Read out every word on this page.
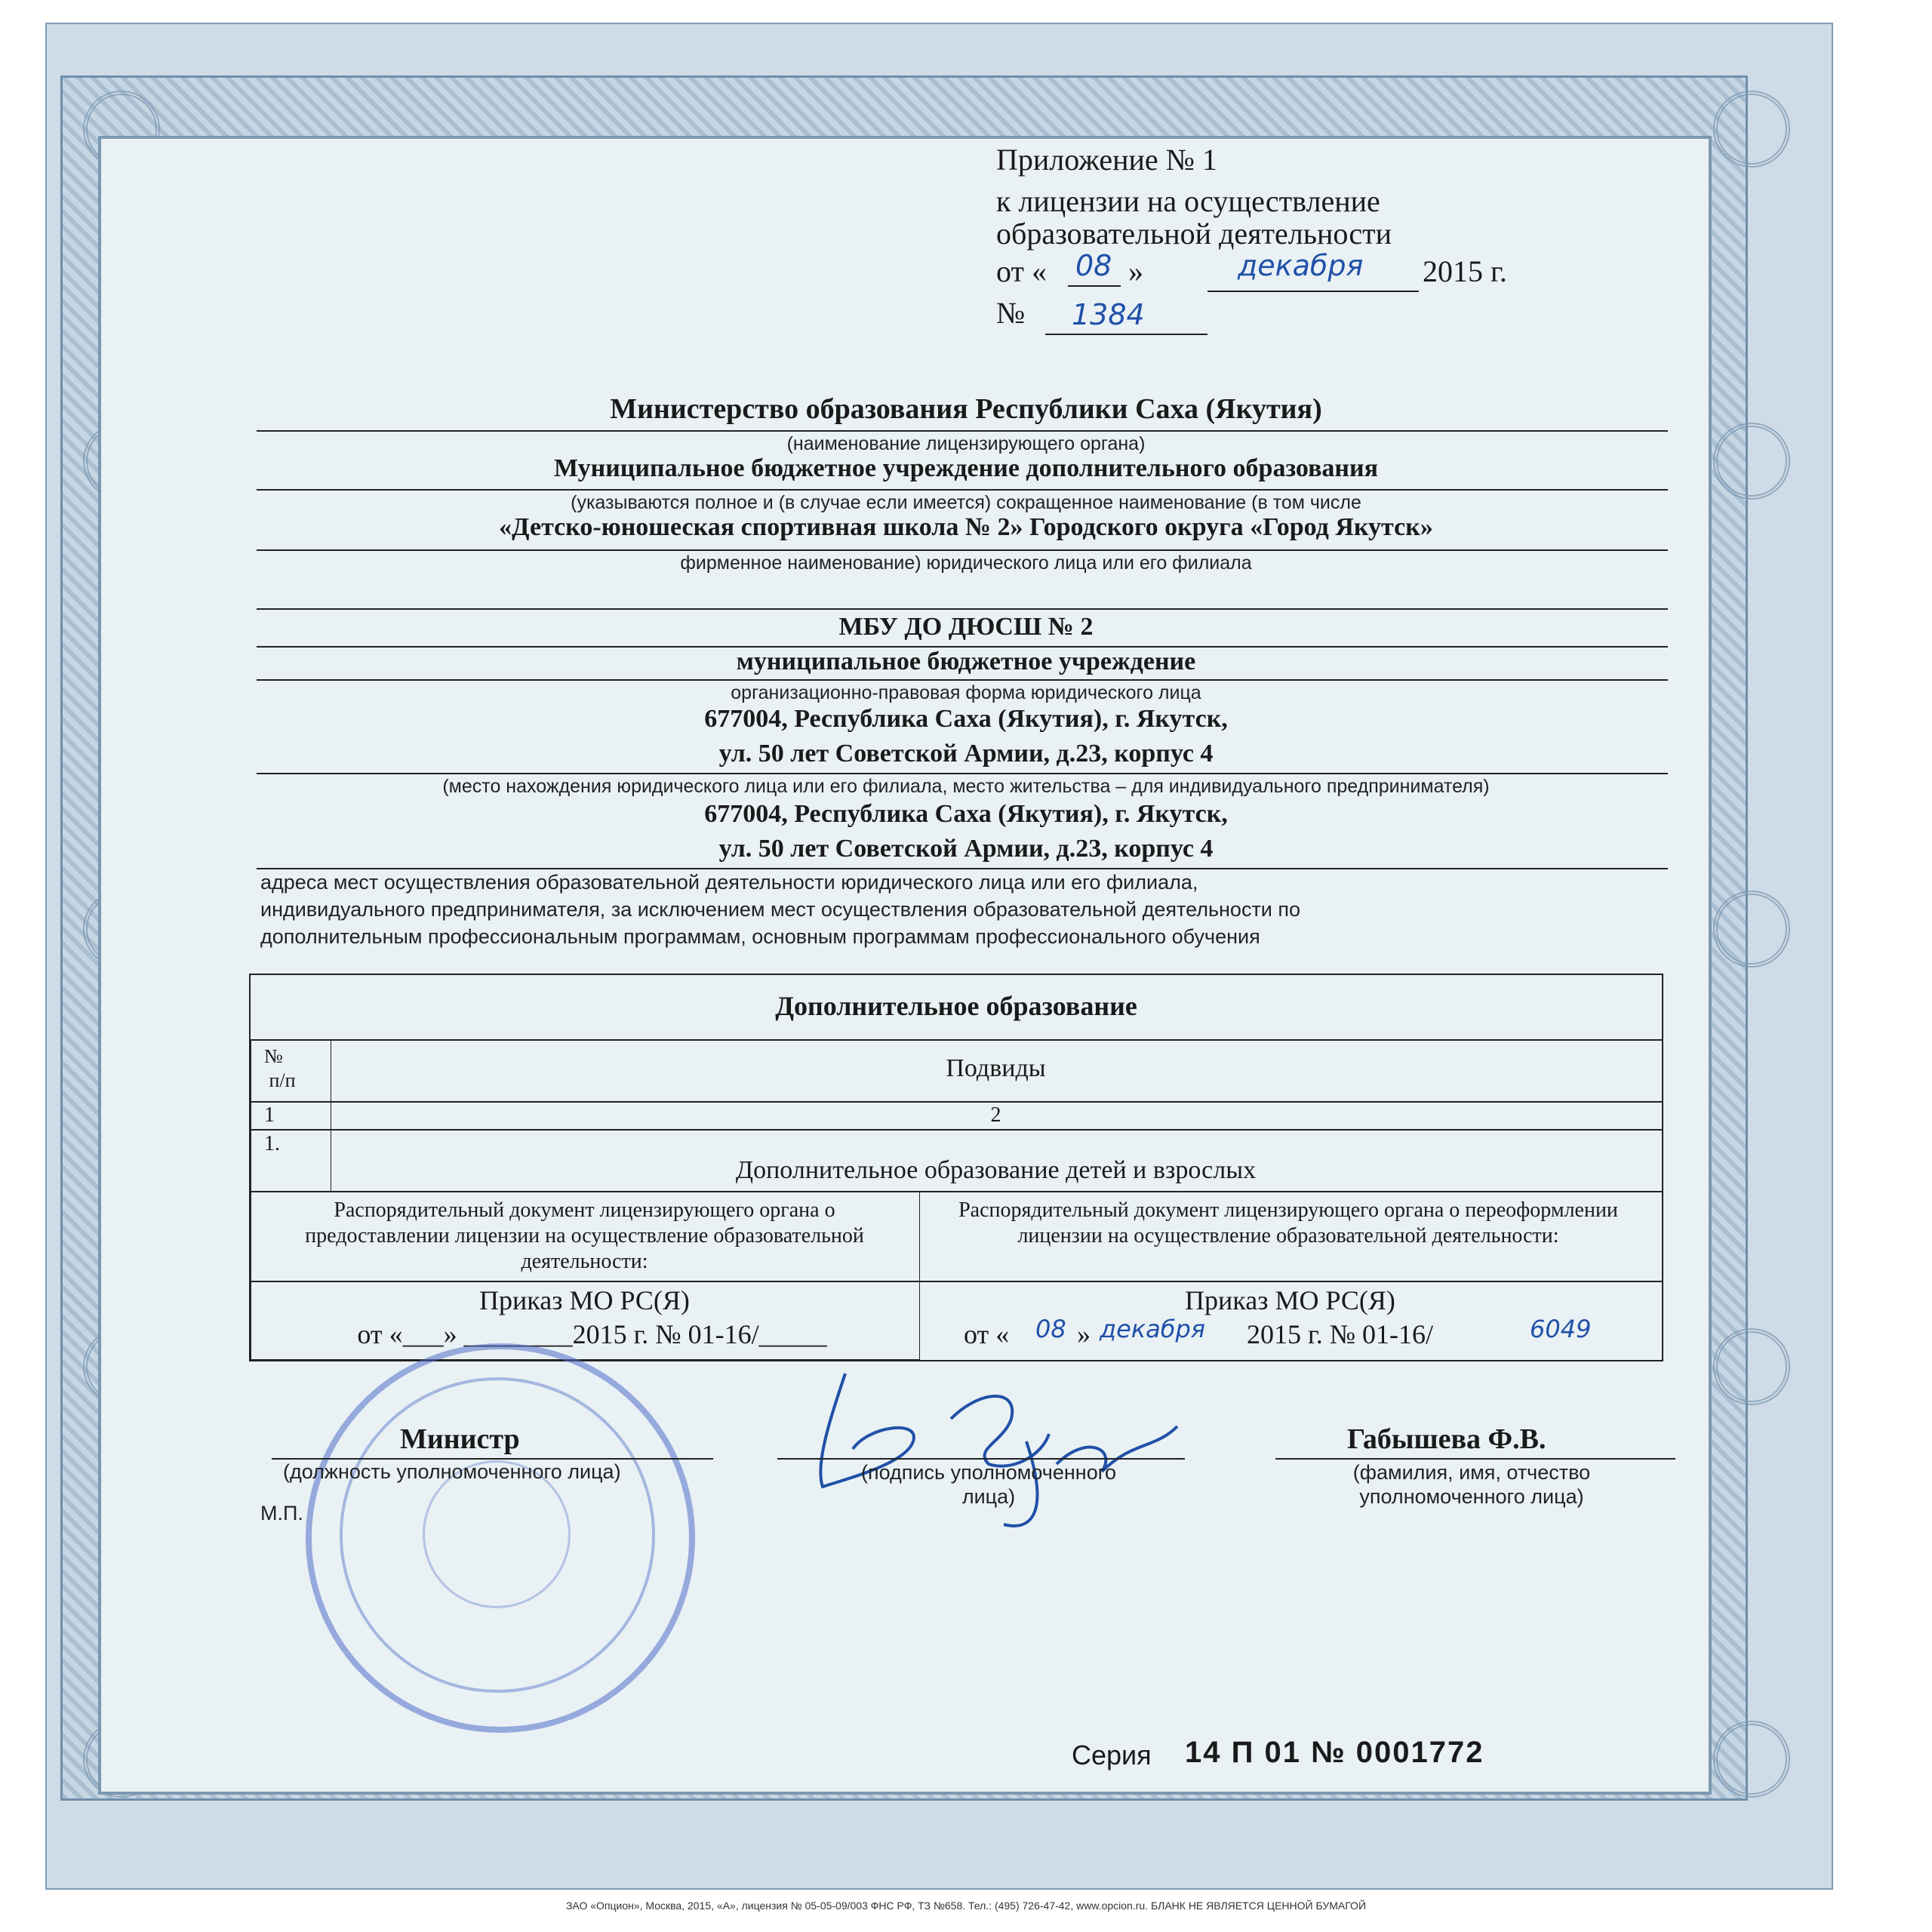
Приложение № 1
к лицензии на осуществление
образовательной деятельности
от « 08 »	декабря 2015 г.
№ 1384
Министерство образования Республики Саха (Якутия)
(наименование лицензирующего органа)
Муниципальное бюджетное учреждение дополнительного образования
(указываются полное и (в случае если имеется) сокращенное наименование (в том числе
«Детско-юношеская спортивная школа № 2» Городского округа «Город Якутск»
фирменное наименование) юридического лица или его филиала
МБУ ДО ДЮСШ № 2
муниципальное бюджетное учреждение
организационно-правовая форма юридического лица
677004, Республика Саха (Якутия), г. Якутск,
ул. 50 лет Советской Армии, д.23, корпус 4
(место нахождения юридического лица или его филиала, место жительства – для индивидуального предпринимателя)
677004, Республика Саха (Якутия), г. Якутск,
ул. 50 лет Советской Армии, д.23, корпус 4
адреса мест осуществления образовательной деятельности юридического лица или его филиала,
индивидуального предпринимателя, за исключением мест осуществления образовательной деятельности по
дополнительным профессиональным программам, основным программам профессионального обучения
Дополнительное образование
№
п/п	Подвиды
1	2
1.
Дополнительное образование детей и взрослых
Распорядительный документ лицензирующего органа о предоставлении лицензии на осуществление образовательной деятельности:
Распорядительный документ лицензирующего органа о переоформлении лицензии на осуществление образовательной деятельности:
Приказ МО РС(Я)
от «___» ________2015 г. № 01-16/_____
Приказ МО РС(Я)
от « 08 » декабря 2015 г. № 01-16/	6049
Министр
(должность уполномоченного лица)
М.П.
(подпись уполномоченного лица)
Габышева Ф.В.
(фамилия, имя, отчество уполномоченного лица)
Серия 14 П 01 № 0001772
ЗАО «Опцион», Москва, 2015, «А», лицензия № 05-05-09/003 ФНС РФ, ТЗ №658. Тел.: (495) 726-47-42, www.opcion.ru. БЛАНК НЕ ЯВЛЯЕТСЯ ЦЕННОЙ БУМАГОЙ
